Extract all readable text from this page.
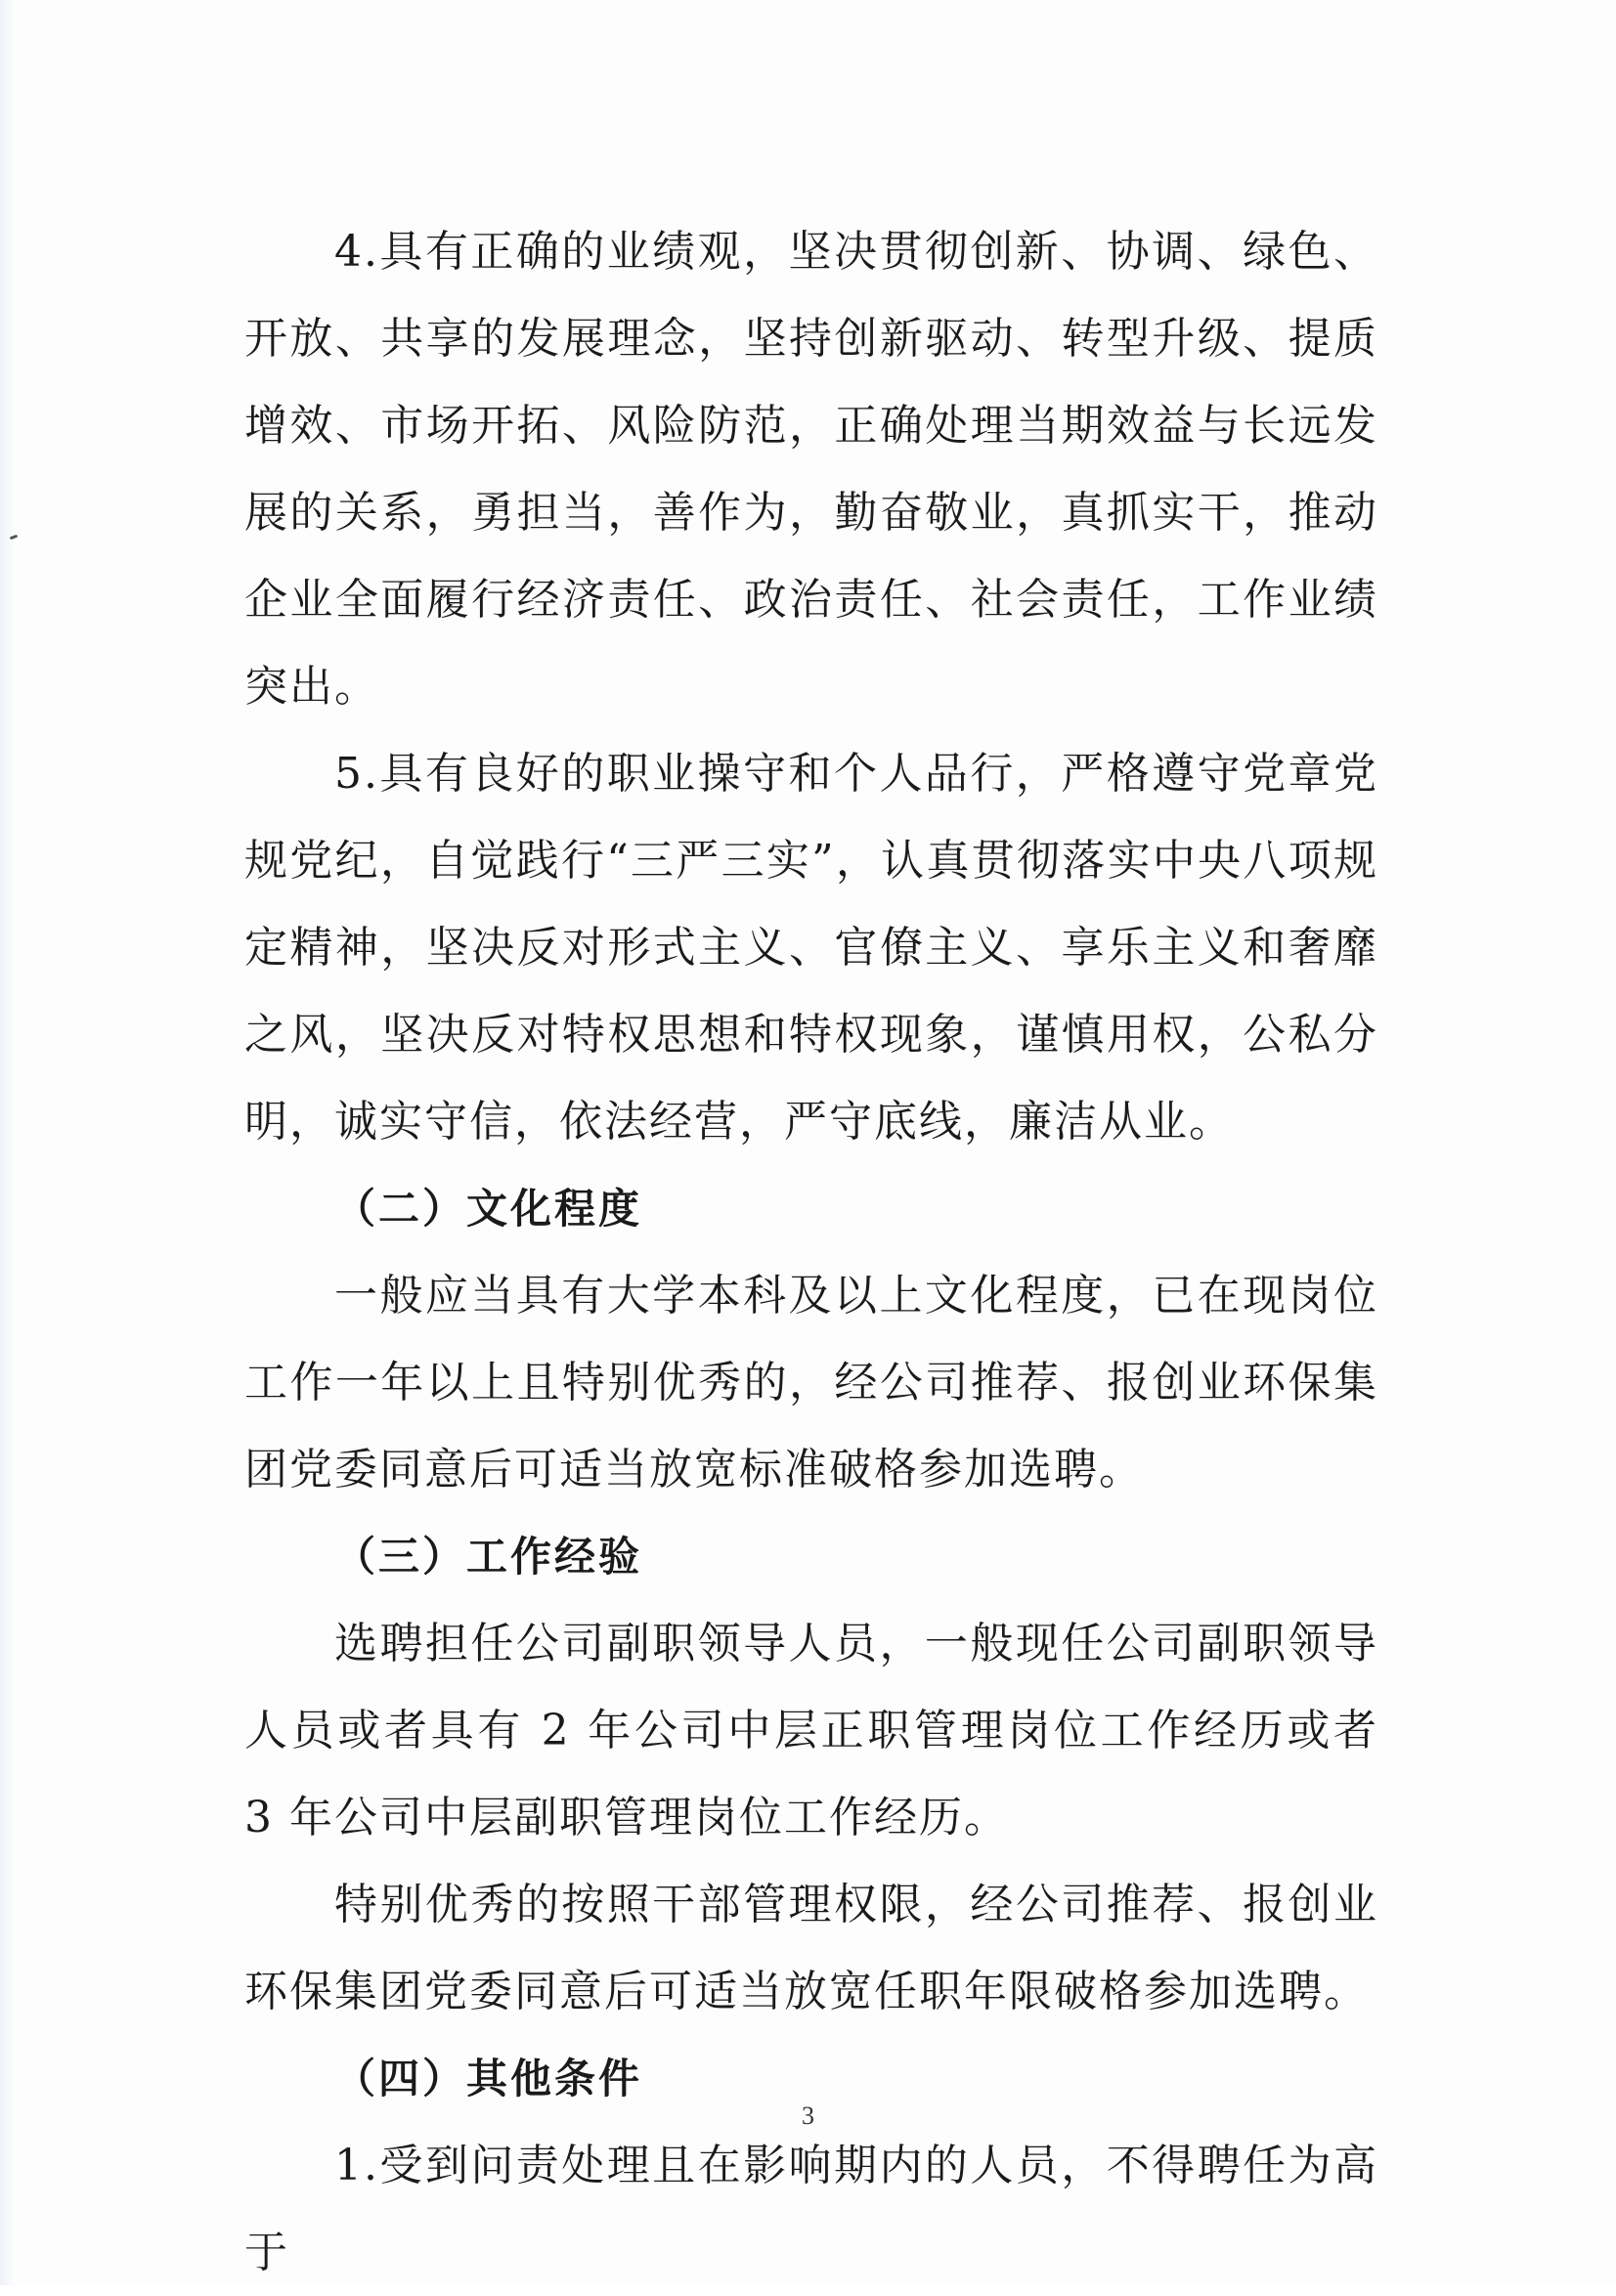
4.具有正确的业绩观，坚决贯彻创新、协调、绿色、开放、共享的发展理念，坚持创新驱动、转型升级、提质增效、市场开拓、风险防范，正确处理当期效益与长远发展的关系，勇担当，善作为，勤奋敬业，真抓实干，推动企业全面履行经济责任、政治责任、社会责任，工作业绩突出。

5.具有良好的职业操守和个人品行，严格遵守党章党规党纪，自觉践行“三严三实”，认真贯彻落实中央八项规定精神，坚决反对形式主义、官僚主义、享乐主义和奢靡之风，坚决反对特权思想和特权现象，谨慎用权，公私分明，诚实守信，依法经营，严守底线，廉洁从业。

（二）文化程度

一般应当具有大学本科及以上文化程度，已在现岗位工作一年以上且特别优秀的，经公司推荐、报创业环保集团党委同意后可适当放宽标准破格参加选聘。

（三）工作经验

选聘担任公司副职领导人员，一般现任公司副职领导人员或者具有 2 年公司中层正职管理岗位工作经历或者 3 年公司中层副职管理岗位工作经历。

特别优秀的按照干部管理权限，经公司推荐、报创业环保集团党委同意后可适当放宽任职年限破格参加选聘。

（四）其他条件

1.受到问责处理且在影响期内的人员，不得聘任为高于

3
